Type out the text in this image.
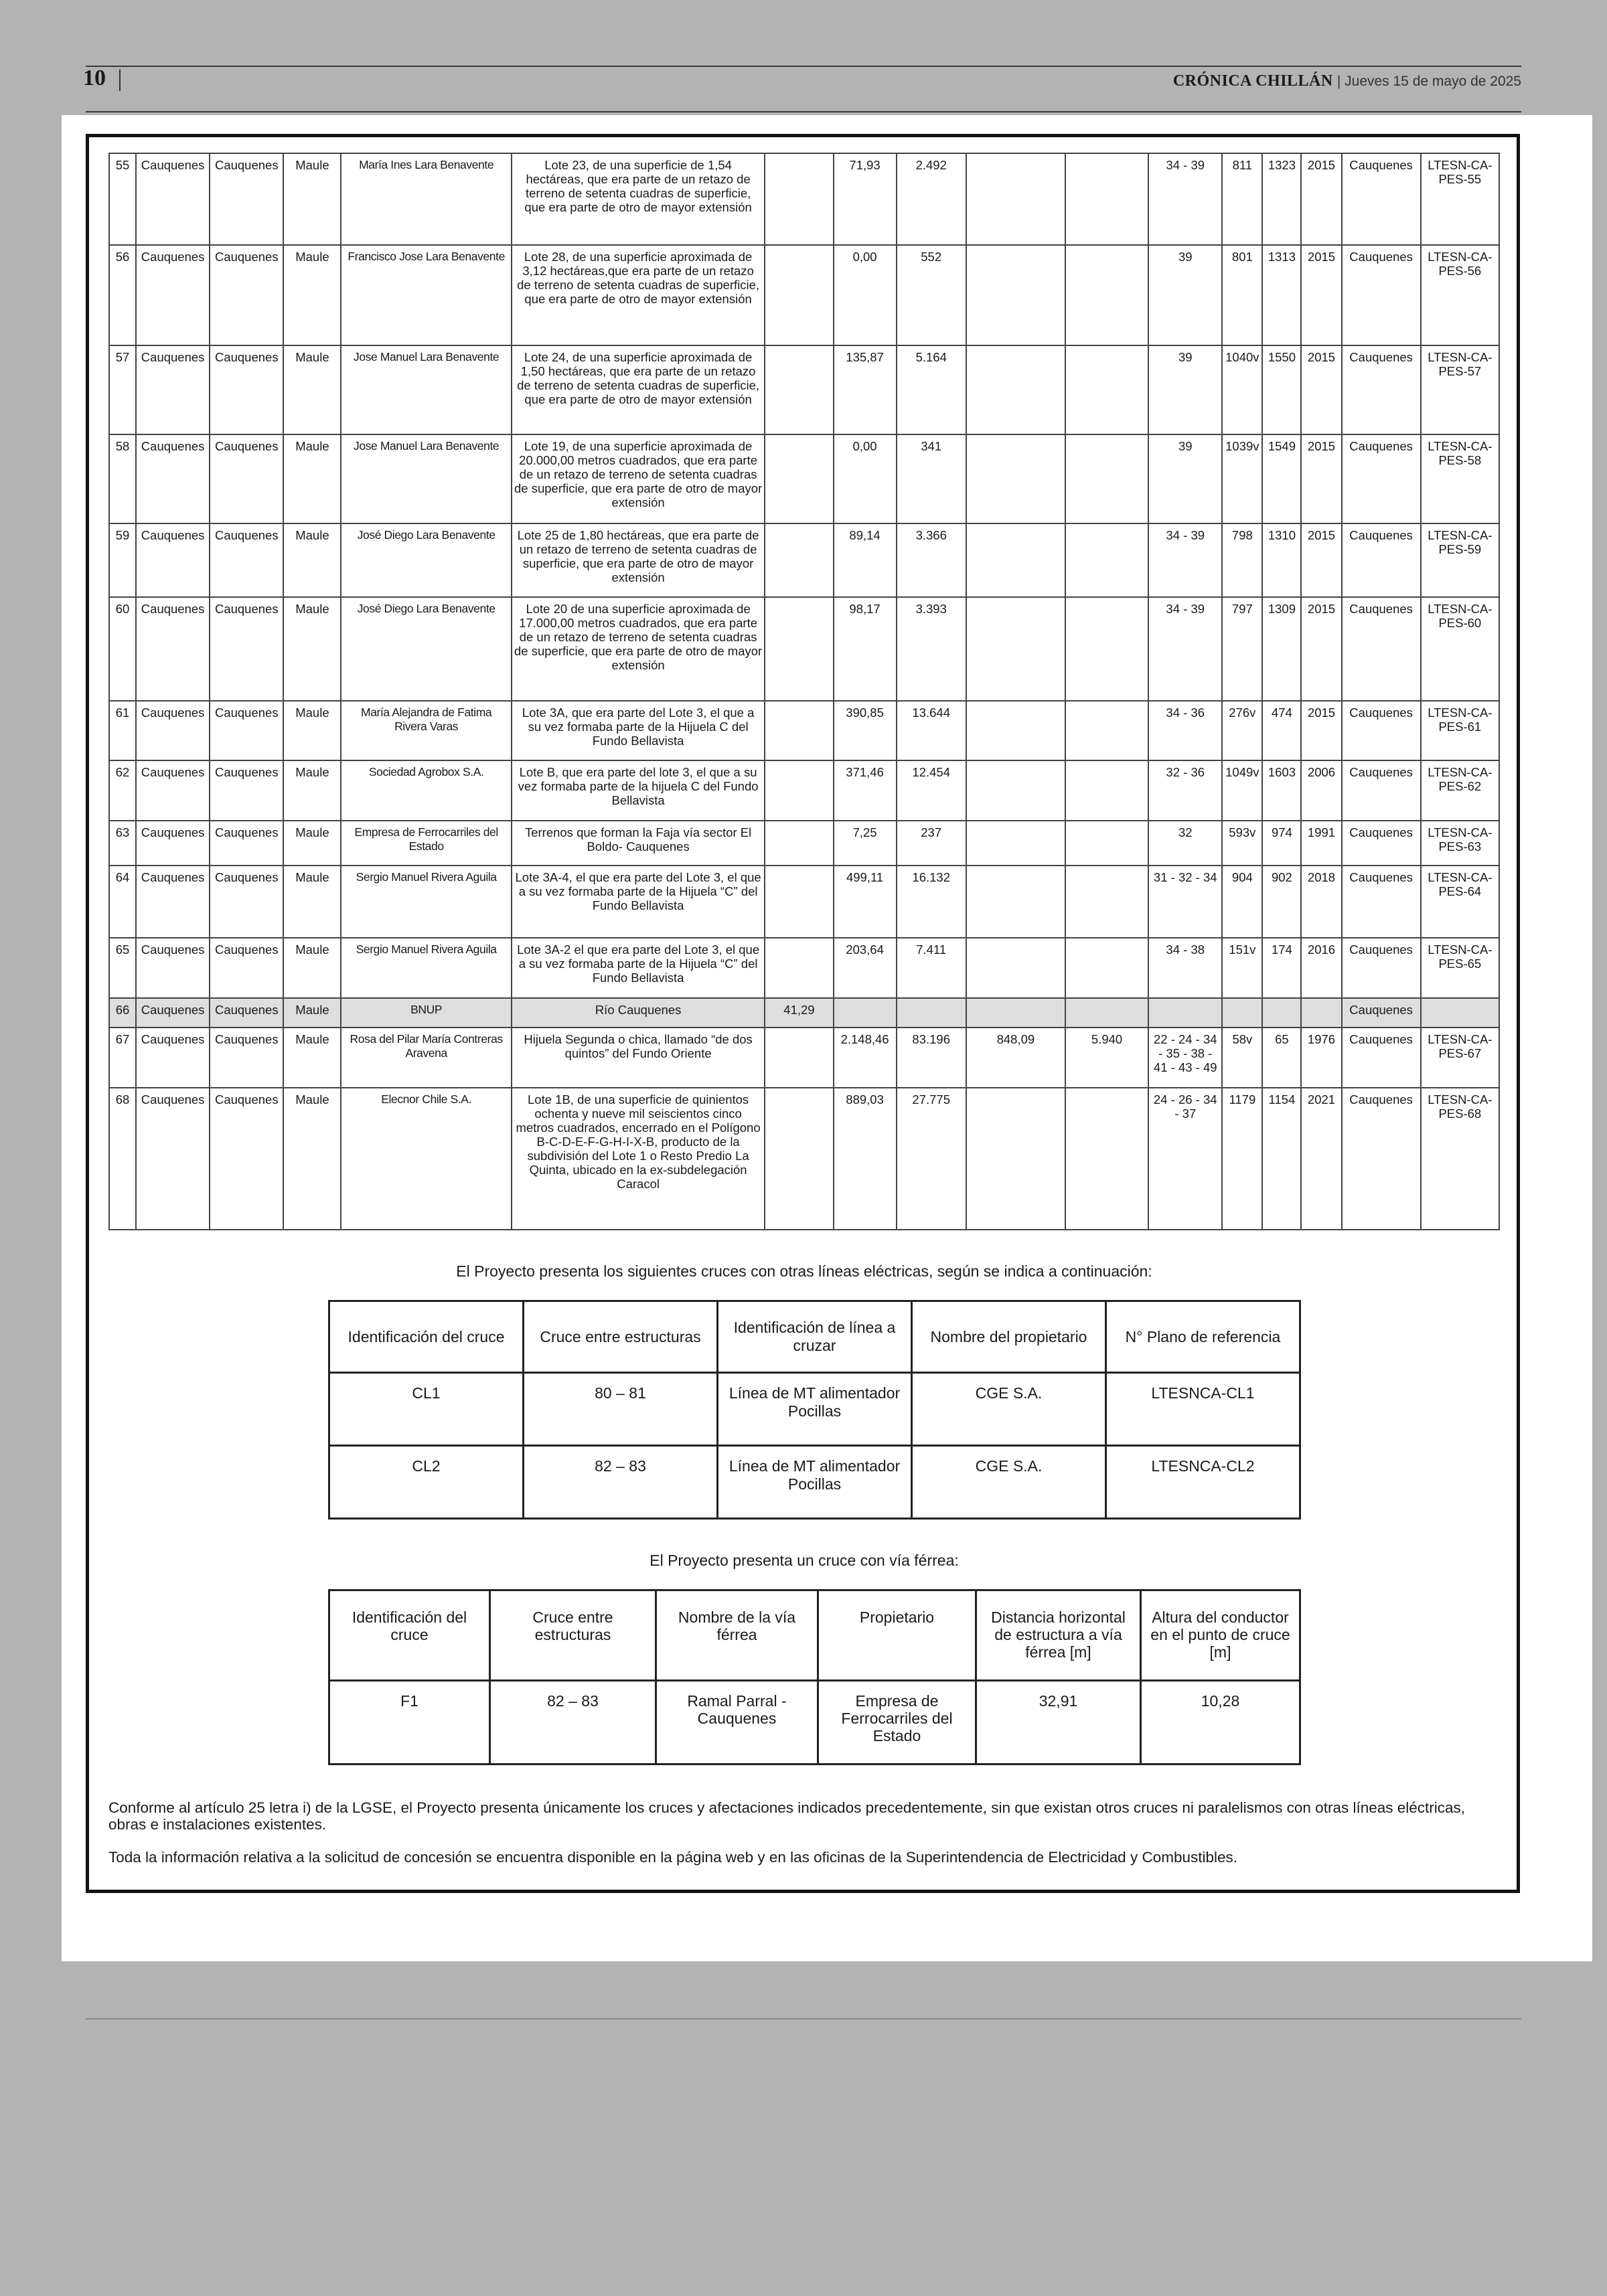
10	CRÓNICA CHILLÁN | Jueves 15 de mayo de 2025
55	Cauquenes	Cauquenes	Maule	María Ines Lara Benavente	Lote 23, de una superficie de 1,54 hectáreas, que era parte de un retazo de terreno de setenta cuadras de superficie, que era parte de otro de mayor extensión		71,93	2.492			34 - 39	811	1323	2015	Cauquenes	LTESN-CA-PES-55
56	Cauquenes	Cauquenes	Maule	Francisco Jose Lara Benavente	Lote 28, de una superficie aproximada de 3,12 hectáreas,que era parte de un retazo de terreno de setenta cuadras de superficie, que era parte de otro de mayor extensión		0,00	552			39	801	1313	2015	Cauquenes	LTESN-CA-PES-56
57	Cauquenes	Cauquenes	Maule	Jose Manuel Lara Benavente	Lote 24, de una superficie aproximada de 1,50 hectáreas, que era parte de un retazo de terreno de setenta cuadras de superficie, que era parte de otro de mayor extensión		135,87	5.164			39	1040v	1550	2015	Cauquenes	LTESN-CA-PES-57
58	Cauquenes	Cauquenes	Maule	Jose Manuel Lara Benavente	Lote 19, de una superficie aproximada de 20.000,00 metros cuadrados, que era parte de un retazo de terreno de setenta cuadras de superficie, que era parte de otro de mayor extensión		0,00	341			39	1039v	1549	2015	Cauquenes	LTESN-CA-PES-58
59	Cauquenes	Cauquenes	Maule	José Diego Lara Benavente	Lote 25 de 1,80 hectáreas, que era parte de un retazo de terreno de setenta cuadras de superficie, que era parte de otro de mayor extensión		89,14	3.366			34 - 39	798	1310	2015	Cauquenes	LTESN-CA-PES-59
60	Cauquenes	Cauquenes	Maule	José Diego Lara Benavente	Lote 20 de una superficie aproximada de 17.000,00 metros cuadrados, que era parte de un retazo de terreno de setenta cuadras de superficie, que era parte de otro de mayor extensión		98,17	3.393			34 - 39	797	1309	2015	Cauquenes	LTESN-CA-PES-60
61	Cauquenes	Cauquenes	Maule	María Alejandra de Fatima Rivera Varas	Lote 3A, que era parte del Lote 3, el que a su vez formaba parte de la Hijuela C del Fundo Bellavista		390,85	13.644			34 - 36	276v	474	2015	Cauquenes	LTESN-CA-PES-61
62	Cauquenes	Cauquenes	Maule	Sociedad Agrobox S.A.	Lote B, que era parte del lote 3, el que a su vez formaba parte de la hijuela C del Fundo Bellavista		371,46	12.454			32 - 36	1049v	1603	2006	Cauquenes	LTESN-CA-PES-62
63	Cauquenes	Cauquenes	Maule	Empresa de Ferrocarriles del Estado	Terrenos que forman la Faja vía sector El Boldo- Cauquenes		7,25	237			32	593v	974	1991	Cauquenes	LTESN-CA-PES-63
64	Cauquenes	Cauquenes	Maule	Sergio Manuel Rivera Aguila	Lote 3A-4, el que era parte del Lote 3, el que a su vez formaba parte de la Hijuela “C” del Fundo Bellavista		499,11	16.132			31 - 32 - 34	904	902	2018	Cauquenes	LTESN-CA-PES-64
65	Cauquenes	Cauquenes	Maule	Sergio Manuel Rivera Aguila	Lote 3A-2 el que era parte del Lote 3, el que a su vez formaba parte de la Hijuela “C” del Fundo Bellavista		203,64	7.411			34 - 38	151v	174	2016	Cauquenes	LTESN-CA-PES-65
66	Cauquenes	Cauquenes	Maule	BNUP	Río Cauquenes	41,29									Cauquenes	
67	Cauquenes	Cauquenes	Maule	Rosa del Pilar María Contreras Aravena	Hijuela Segunda o chica, llamado “de dos quintos” del Fundo Oriente		2.148,46	83.196	848,09	5.940	22 - 24 - 34 - 35 - 38 - 41 - 43 - 49	58v	65	1976	Cauquenes	LTESN-CA-PES-67
68	Cauquenes	Cauquenes	Maule	Elecnor Chile S.A.	Lote 1B, de una superficie de quinientos ochenta y nueve mil seiscientos cinco metros cuadrados, encerrado en el Polígono B-C-D-E-F-G-H-I-X-B, producto de la subdivisión del Lote 1 o Resto Predio La Quinta, ubicado en la ex-subdelegación Caracol		889,03	27.775			24 - 26 - 34 - 37	1179	1154	2021	Cauquenes	LTESN-CA-PES-68
El Proyecto presenta los siguientes cruces con otras líneas eléctricas, según se indica a continuación:
Identificación del cruce	Cruce entre estructuras	Identificación de línea a cruzar	Nombre del propietario	N° Plano de referencia
CL1	80 – 81	Línea de MT alimentador Pocillas	CGE S.A.	LTESNCA-CL1
CL2	82 – 83	Línea de MT alimentador Pocillas	CGE S.A.	LTESNCA-CL2
El Proyecto presenta un cruce con vía férrea:
Identificación del cruce	Cruce entre estructuras	Nombre de la vía férrea	Propietario	Distancia horizontal de estructura a vía férrea [m]	Altura del conductor en el punto de cruce [m]
F1	82 – 83	Ramal Parral - Cauquenes	Empresa de Ferrocarriles del Estado	32,91	10,28
Conforme al artículo 25 letra i) de la LGSE, el Proyecto presenta únicamente los cruces y afectaciones indicados precedentemente, sin que existan otros cruces ni paralelismos con otras líneas eléctricas, obras e instalaciones existentes.
Toda la información relativa a la solicitud de concesión se encuentra disponible en la página web y en las oficinas de la Superintendencia de Electricidad y Combustibles.
